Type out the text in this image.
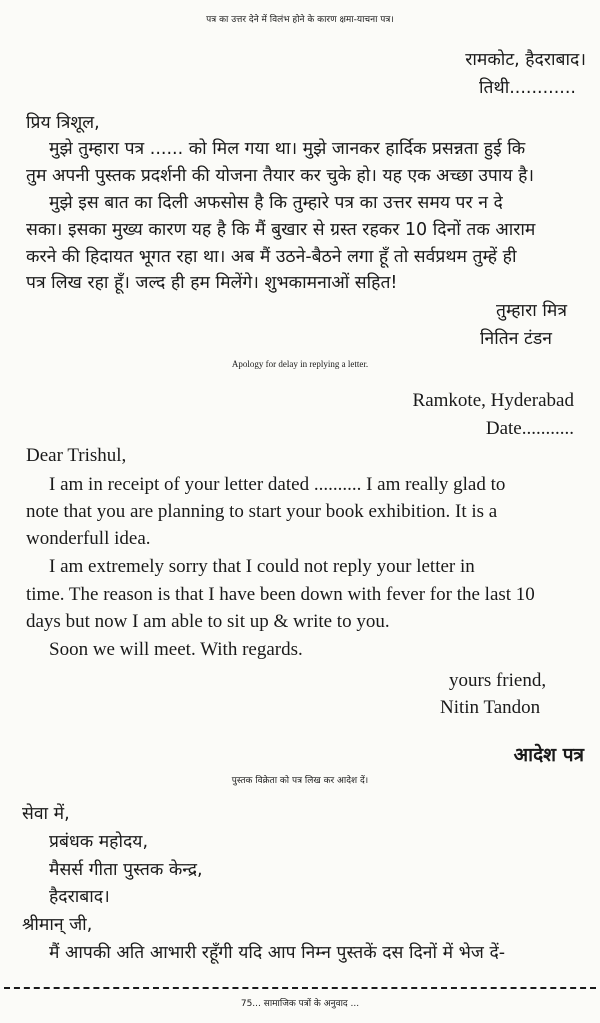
पत्र का उत्तर देने में विलंभ होने के कारण क्षमा-याचना पत्र।
रामकोट, हैदराबाद।
तिथी............
प्रिय त्रिशूल,
मुझे तुम्हारा पत्र ...... को मिल गया था। मुझे जानकर हार्दिक प्रसन्नता हुई कि
तुम अपनी पुस्तक प्रदर्शनी की योजना तैयार कर चुके हो। यह एक अच्छा उपाय है।
मुझे इस बात का दिली अफसोस है कि तुम्हारे पत्र का उत्तर समय पर न दे
सका। इसका मुख्य कारण यह है कि मैं बुखार से ग्रस्त रहकर 10 दिनों तक आराम
करने की हिदायत भूगत रहा था। अब मैं उठने-बैठने लगा हूँ तो सर्वप्रथम तुम्हें ही
पत्र लिख रहा हूँ। जल्द ही हम मिलेंगे। शुभकामनाओं सहित!
तुम्हारा मित्र
नितिन टंडन
Apology for delay in replying a letter.
Ramkote, Hyderabad
Date...........
Dear Trishul,
I am in receipt of your letter dated .......... I am really glad to
note that you are planning to start your book exhibition. It is a
wonderfull idea.
I am extremely sorry that I could not reply your letter in
time. The reason is that I have been down with fever for the last 10
days but now I am able to sit up & write to you.
Soon we will meet. With regards.
yours friend,
Nitin Tandon
आदेश पत्र
पुस्तक विक्रेता को पत्र लिख कर आदेश दें।
सेवा में,
प्रबंधक महोदय,
मैसर्स गीता पुस्तक केन्द्र,
हैदराबाद।
श्रीमान् जी,
मैं आपकी अति आभारी रहूँगी यदि आप निम्न पुस्तकें दस दिनों में भेज दें-
75... सामाजिक पत्रों के अनुवाद ...
